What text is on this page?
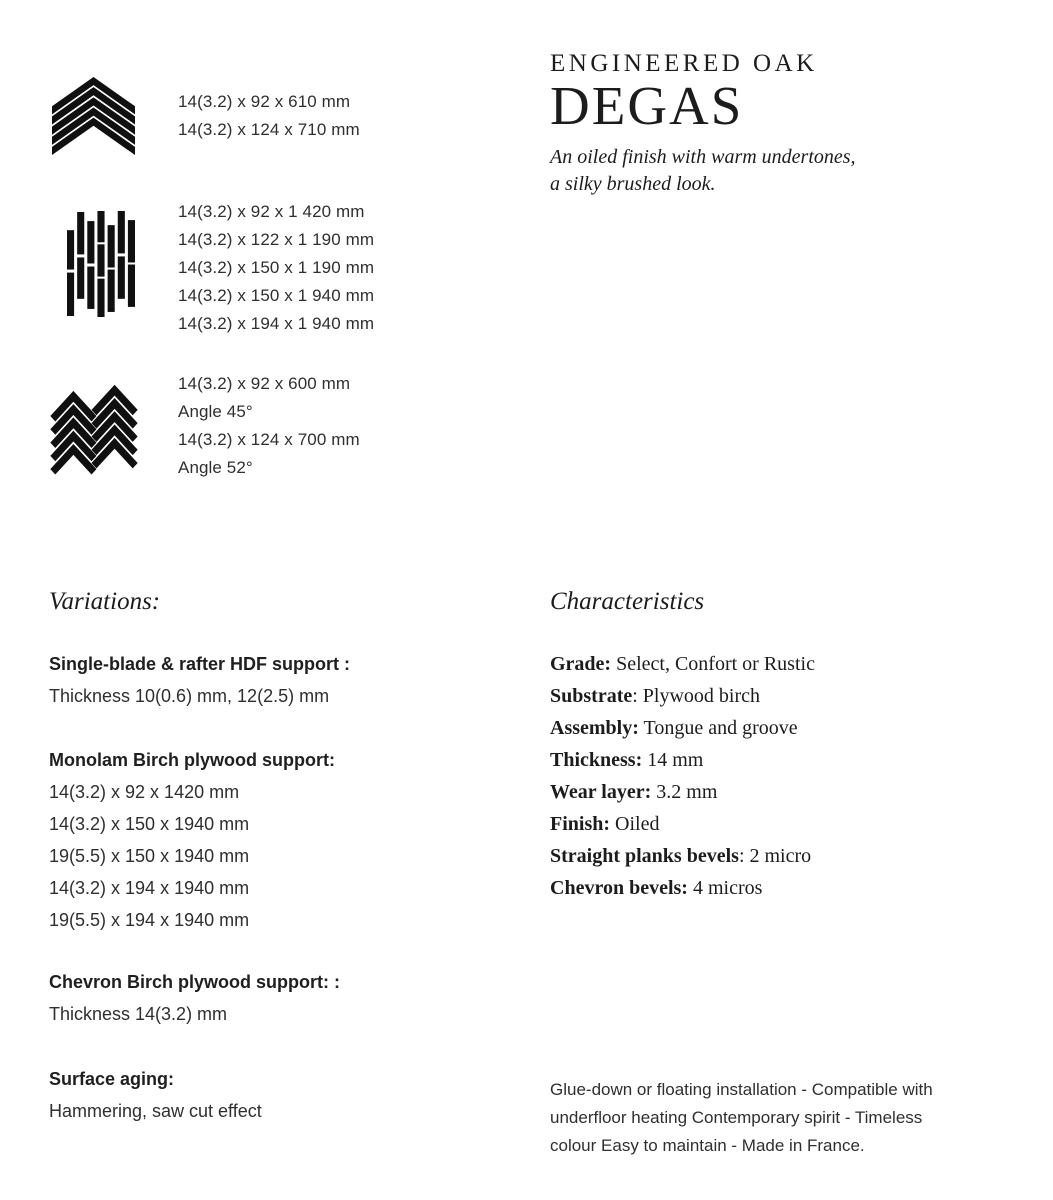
14(3.2) x 92 x 610 mm
14(3.2) x 124 x 710 mm
14(3.2) x 92 x 1 420 mm
14(3.2) x 122 x 1 190 mm
14(3.2) x 150 x 1 190 mm
14(3.2) x 150 x 1 940 mm
14(3.2) x 194 x 1 940 mm
14(3.2) x 92 x 600 mm
Angle 45°
14(3.2) x 124 x 700 mm
Angle 52°
ENGINEERED OAK
DEGAS

An oiled finish with warm undertones,

a silky brushed look.

Variations:
Single-blade & rafter HDF support :
Thickness 10(0.6) mm, 12(2.5) mm
Monolam Birch plywood support:
14(3.2) x 92 x 1420 mm
14(3.2) x 150 x 1940 mm
19(5.5) x 150 x 1940 mm
14(3.2) x 194 x 1940 mm
19(5.5) x 194 x 1940 mm
Chevron Birch plywood support: :
Thickness 14(3.2) mm
Surface aging:
Hammering, saw cut effect
Characteristics
Grade: Select, Confort or Rustic
Substrate: Plywood birch
Assembly: Tongue and groove
Thickness: 14 mm
Wear layer: 3.2 mm
Finish: Oiled
Straight planks bevels: 2 micro
Chevron bevels: 4 micros

Glue-down or floating installation - Compatible with underfloor heating Contemporary spirit - Timeless colour Easy to maintain - Made in France.
